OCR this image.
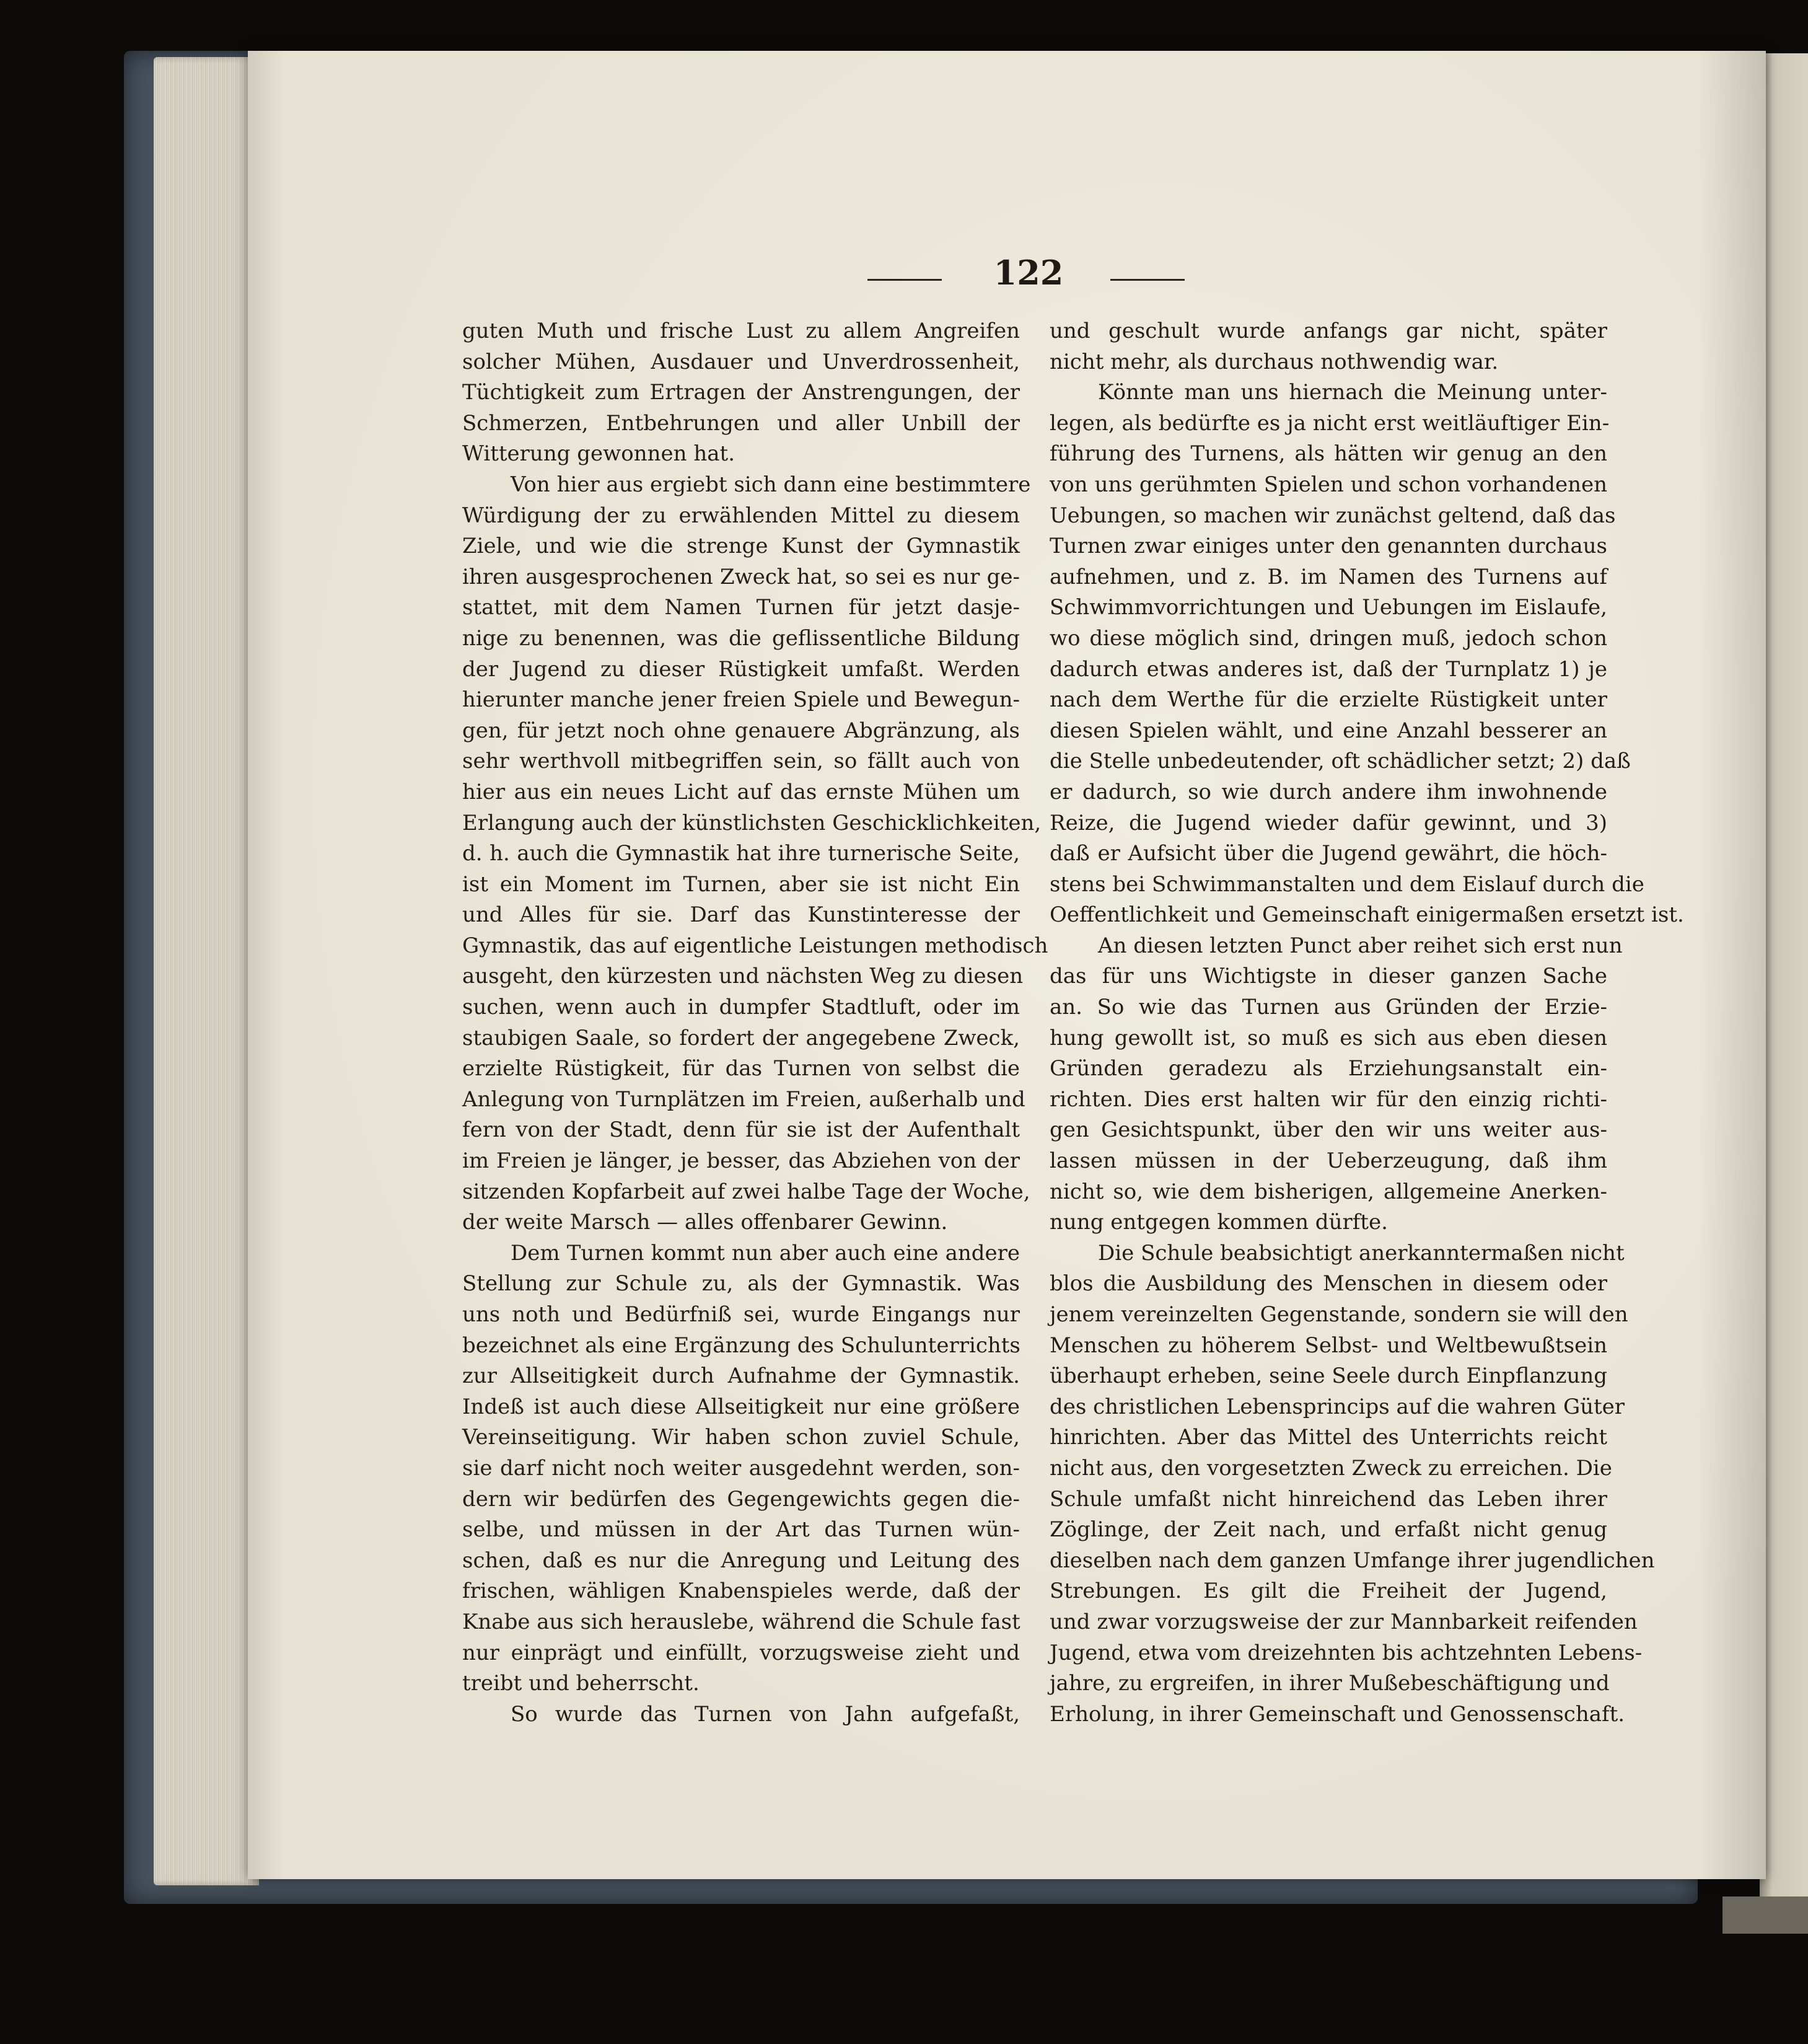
122
guten Muth und frische Lust zu allem Angreifen
solcher Mühen, Ausdauer und Unverdrossenheit,
Tüchtigkeit zum Ertragen der Anstrengungen, der
Schmerzen, Entbehrungen und aller Unbill der
Witterung gewonnen hat.
Von hier aus ergiebt sich dann eine bestimmtere
Würdigung der zu erwählenden Mittel zu diesem
Ziele, und wie die strenge Kunst der Gymnastik
ihren ausgesprochenen Zweck hat, so sei es nur ge-
stattet, mit dem Namen Turnen für jetzt dasje-
nige zu benennen, was die geflissentliche Bildung
der Jugend zu dieser Rüstigkeit umfaßt. Werden
hierunter manche jener freien Spiele und Bewegun-
gen, für jetzt noch ohne genauere Abgränzung, als
sehr werthvoll mitbegriffen sein, so fällt auch von
hier aus ein neues Licht auf das ernste Mühen um
Erlangung auch der künstlichsten Geschicklichkeiten,
d. h. auch die Gymnastik hat ihre turnerische Seite,
ist ein Moment im Turnen, aber sie ist nicht Ein
und Alles für sie. Darf das Kunstinteresse der
Gymnastik, das auf eigentliche Leistungen methodisch
ausgeht, den kürzesten und nächsten Weg zu diesen
suchen, wenn auch in dumpfer Stadtluft, oder im
staubigen Saale, so fordert der angegebene Zweck,
erzielte Rüstigkeit, für das Turnen von selbst die
Anlegung von Turnplätzen im Freien, außerhalb und
fern von der Stadt, denn für sie ist der Aufenthalt
im Freien je länger, je besser, das Abziehen von der
sitzenden Kopfarbeit auf zwei halbe Tage der Woche,
der weite Marsch — alles offenbarer Gewinn.
Dem Turnen kommt nun aber auch eine andere
Stellung zur Schule zu, als der Gymnastik. Was
uns noth und Bedürfniß sei, wurde Eingangs nur
bezeichnet als eine Ergänzung des Schulunterrichts
zur Allseitigkeit durch Aufnahme der Gymnastik.
Indeß ist auch diese Allseitigkeit nur eine größere
Vereinseitigung. Wir haben schon zuviel Schule,
sie darf nicht noch weiter ausgedehnt werden, son-
dern wir bedürfen des Gegengewichts gegen die-
selbe, und müssen in der Art das Turnen wün-
schen, daß es nur die Anregung und Leitung des
frischen, wähligen Knabenspieles werde, daß der
Knabe aus sich herauslebe, während die Schule fast
nur einprägt und einfüllt, vorzugsweise zieht und
treibt und beherrscht.
So wurde das Turnen von Jahn aufgefaßt,
und geschult wurde anfangs gar nicht, später
nicht mehr, als durchaus nothwendig war.
Könnte man uns hiernach die Meinung unter-
legen, als bedürfte es ja nicht erst weitläuftiger Ein-
führung des Turnens, als hätten wir genug an den
von uns gerühmten Spielen und schon vorhandenen
Uebungen, so machen wir zunächst geltend, daß das
Turnen zwar einiges unter den genannten durchaus
aufnehmen, und z. B. im Namen des Turnens auf
Schwimmvorrichtungen und Uebungen im Eislaufe,
wo diese möglich sind, dringen muß, jedoch schon
dadurch etwas anderes ist, daß der Turnplatz 1) je
nach dem Werthe für die erzielte Rüstigkeit unter
diesen Spielen wählt, und eine Anzahl besserer an
die Stelle unbedeutender, oft schädlicher setzt; 2) daß
er dadurch, so wie durch andere ihm inwohnende
Reize, die Jugend wieder dafür gewinnt, und 3)
daß er Aufsicht über die Jugend gewährt, die höch-
stens bei Schwimmanstalten und dem Eislauf durch die
Oeffentlichkeit und Gemeinschaft einigermaßen ersetzt ist.
An diesen letzten Punct aber reihet sich erst nun
das für uns Wichtigste in dieser ganzen Sache
an. So wie das Turnen aus Gründen der Erzie-
hung gewollt ist, so muß es sich aus eben diesen
Gründen geradezu als Erziehungsanstalt ein-
richten. Dies erst halten wir für den einzig richti-
gen Gesichtspunkt, über den wir uns weiter aus-
lassen müssen in der Ueberzeugung, daß ihm
nicht so, wie dem bisherigen, allgemeine Anerken-
nung entgegen kommen dürfte.
Die Schule beabsichtigt anerkanntermaßen nicht
blos die Ausbildung des Menschen in diesem oder
jenem vereinzelten Gegenstande, sondern sie will den
Menschen zu höherem Selbst- und Weltbewußtsein
überhaupt erheben, seine Seele durch Einpflanzung
des christlichen Lebensprincips auf die wahren Güter
hinrichten. Aber das Mittel des Unterrichts reicht
nicht aus, den vorgesetzten Zweck zu erreichen. Die
Schule umfaßt nicht hinreichend das Leben ihrer
Zöglinge, der Zeit nach, und erfaßt nicht genug
dieselben nach dem ganzen Umfange ihrer jugendlichen
Strebungen. Es gilt die Freiheit der Jugend,
und zwar vorzugsweise der zur Mannbarkeit reifenden
Jugend, etwa vom dreizehnten bis achtzehnten Lebens-
jahre, zu ergreifen, in ihrer Mußebeschäftigung und
Erholung, in ihrer Gemeinschaft und Genossenschaft.
